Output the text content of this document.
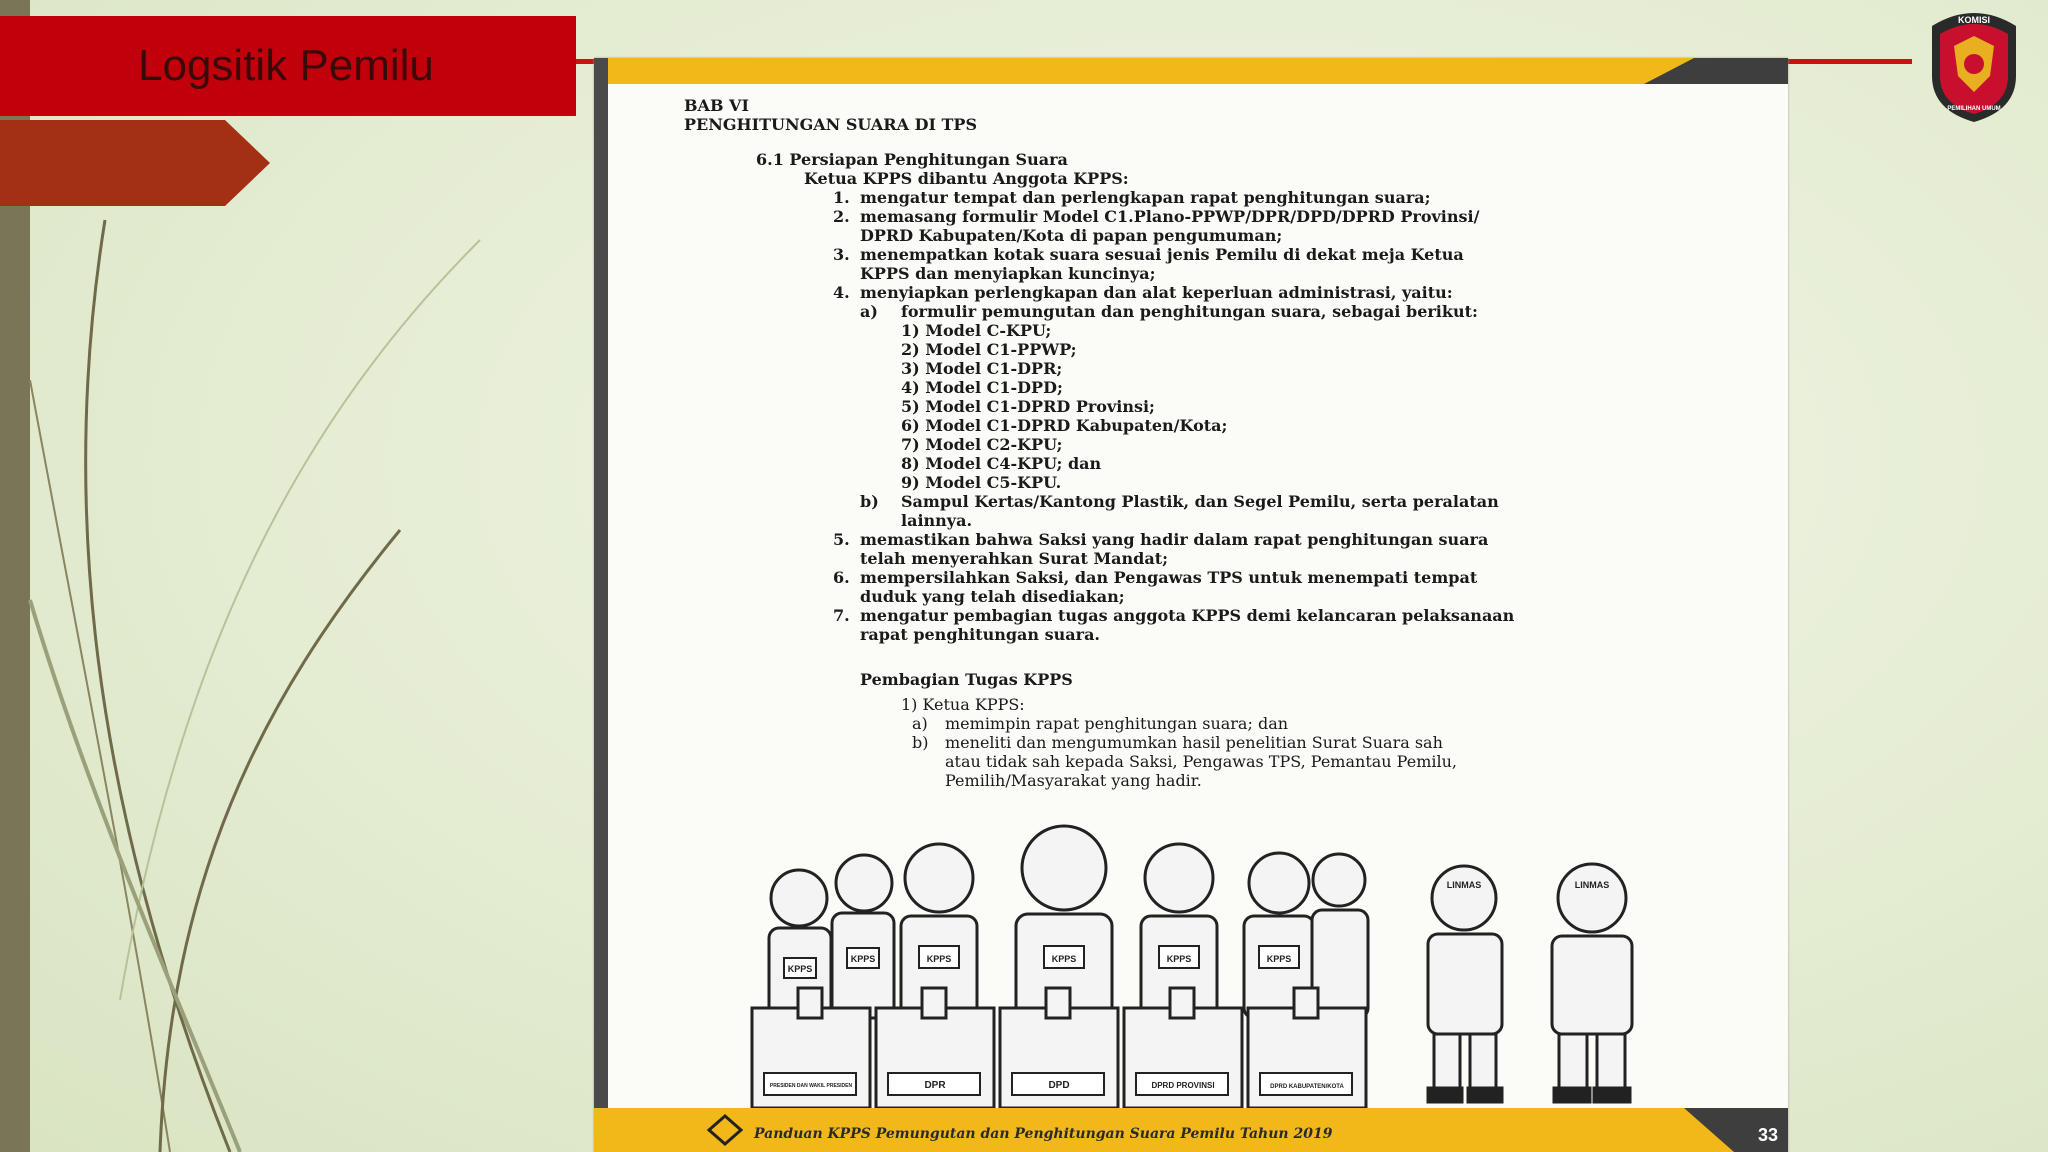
Logsitik Pemilu
KOMISI
PEMILIHAN UMUM

BAB VI

PENGHITUNGAN SUARA DI TPS

6.1 Persiapan Penghitungan Suara

Ketua KPPS dibantu Anggota KPPS:

1. mengatur tempat dan perlengkapan rapat penghitungan suara;

2. memasang formulir Model C1.Plano-PPWP/DPR/DPD/DPRD Provinsi/

DPRD Kabupaten/Kota di papan pengumuman;

3. menempatkan kotak suara sesuai jenis Pemilu di dekat meja Ketua

KPPS dan menyiapkan kuncinya;

4. menyiapkan perlengkapan dan alat keperluan administrasi, yaitu:

a) formulir pemungutan dan penghitungan suara, sebagai berikut:

1) Model C-KPU;

2) Model C1-PPWP;

3) Model C1-DPR;

4) Model C1-DPD;

5) Model C1-DPRD Provinsi;

6) Model C1-DPRD Kabupaten/Kota;

7) Model C2-KPU;

8) Model C4-KPU; dan

9) Model C5-KPU.

b) Sampul Kertas/Kantong Plastik, dan Segel Pemilu, serta peralatan

lainnya.

5. memastikan bahwa Saksi yang hadir dalam rapat penghitungan suara

telah menyerahkan Surat Mandat;

6. mempersilahkan Saksi, dan Pengawas TPS untuk menempati tempat

duduk yang telah disediakan;

7. mengatur pembagian tugas anggota KPPS demi kelancaran pelaksanaan

rapat penghitungan suara.

Pembagian Tugas KPPS

1) Ketua KPPS:

a) memimpin rapat penghitungan suara; dan

b) meneliti dan mengumumkan hasil penelitian Surat Suara sah

atau tidak sah kepada Saksi, Pengawas TPS, Pemantau Pemilu,

Pemilih/Masyarakat yang hadir.

KPPS
KPPS	KPPS	KPPS	KPPS	KPPS
LINMAS	LINMAS
PRESIDEN DAN WAKIL PRESIDEN	DPR	DPD	DPRD PROVINSI	DPRD KABUPATEN/KOTA
Panduan KPPS Pemungutan dan Penghitungan Suara Pemilu Tahun 2019	33
